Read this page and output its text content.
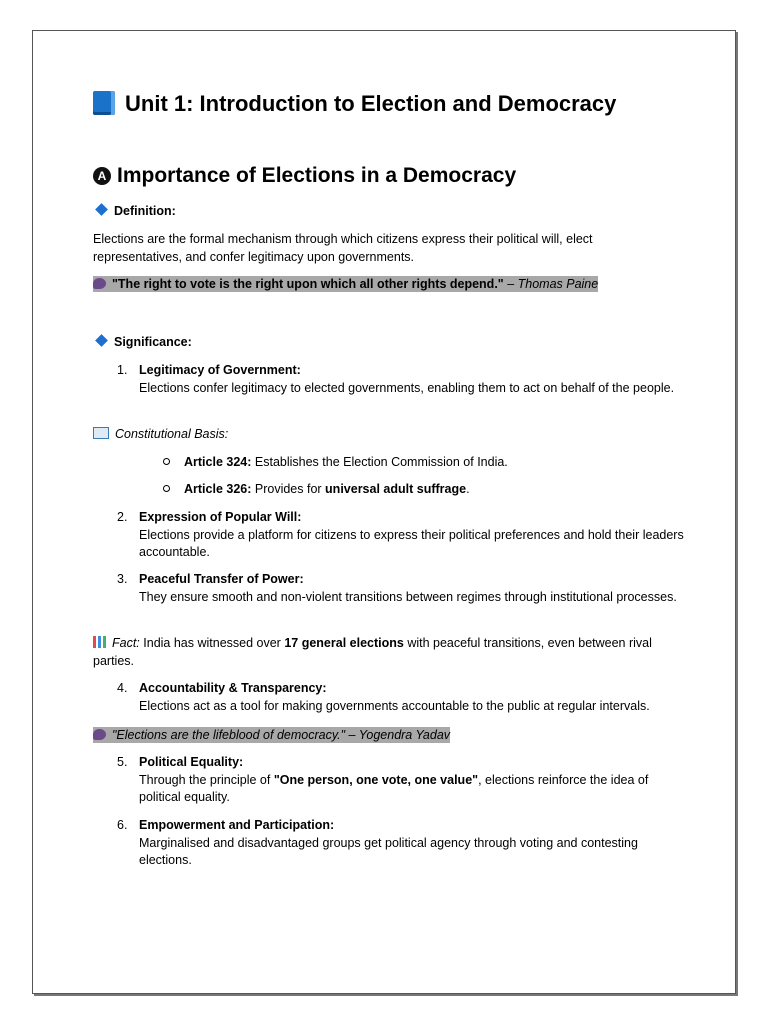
Unit 1: Introduction to Election and Democracy
A Importance of Elections in a Democracy
Definition:
Elections are the formal mechanism through which citizens express their political will, elect representatives, and confer legitimacy upon governments.
"The right to vote is the right upon which all other rights depend." – Thomas Paine
Significance:
1. Legitimacy of Government:
Elections confer legitimacy to elected governments, enabling them to act on behalf of the people.
Constitutional Basis:
Article 324: Establishes the Election Commission of India.
Article 326: Provides for universal adult suffrage.
2. Expression of Popular Will:
Elections provide a platform for citizens to express their political preferences and hold their leaders accountable.
3. Peaceful Transfer of Power:
They ensure smooth and non-violent transitions between regimes through institutional processes.
Fact: India has witnessed over 17 general elections with peaceful transitions, even between rival parties.
4. Accountability & Transparency:
Elections act as a tool for making governments accountable to the public at regular intervals.
"Elections are the lifeblood of democracy." – Yogendra Yadav
5. Political Equality:
Through the principle of "One person, one vote, one value", elections reinforce the idea of political equality.
6. Empowerment and Participation:
Marginalised and disadvantaged groups get political agency through voting and contesting elections.
